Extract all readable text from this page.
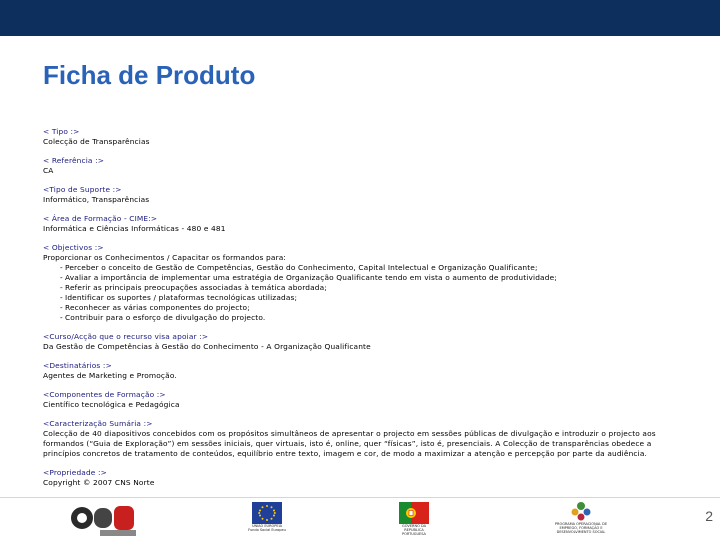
Ficha de Produto
< Tipo :>
Colecção de Transparências
< Referência :>
CA
<Tipo de Suporte :>
Informático, Transparências
< Área de Formação - CIME:>
Informática e Ciências Informáticas - 480 e 481
< Objectivos :>
Proporcionar os Conhecimentos / Capacitar os formandos para:
- Perceber o conceito de Gestão de Competências, Gestão do Conhecimento, Capital Intelectual e Organização Qualificante;
- Avaliar a importância de implementar uma estratégia de Organização Qualificante tendo em vista o aumento de produtividade;
- Referir as principais preocupações associadas à temática abordada;
- Identificar os suportes / plataformas tecnológicas utilizadas;
- Reconhecer as várias componentes do projecto;
- Contribuir para o esforço de divulgação do projecto.
<Curso/Acção que o recurso visa apoiar :>
Da Gestão de Competências à Gestão do Conhecimento - A Organização Qualificante
<Destinatários :>
Agentes de Marketing e Promoção.
<Componentes de Formação :>
Científico tecnológica e Pedagógica
<Caracterização Sumária :>
Colecção de 40 diapositivos concebidos com os propósitos simultâneos de apresentar o projecto em sessões públicas de divulgação e introduzir o projecto aos formandos (“Guia de Exploração”) em sessões iniciais, quer virtuais, isto é, online, quer “físicas”, isto é, presenciais. A Colecção de transparências obedece a princípios concretos de tratamento de conteúdos, equilíbrio entre texto, imagem e cor, de modo a maximizar a atenção e percepção por parte da audiência.
<Propriedade :>
Copyright © 2007 CNS Norte
UNIÃO EUROPEIA Fundo Social Europeu
GOVERNO DA REPÚBLICA PORTUGUESA
PROGRAMA OPERACIONAL DE EMPREGO, FORMAÇÃO E DESENVOLVIMENTO SOCIAL
2
